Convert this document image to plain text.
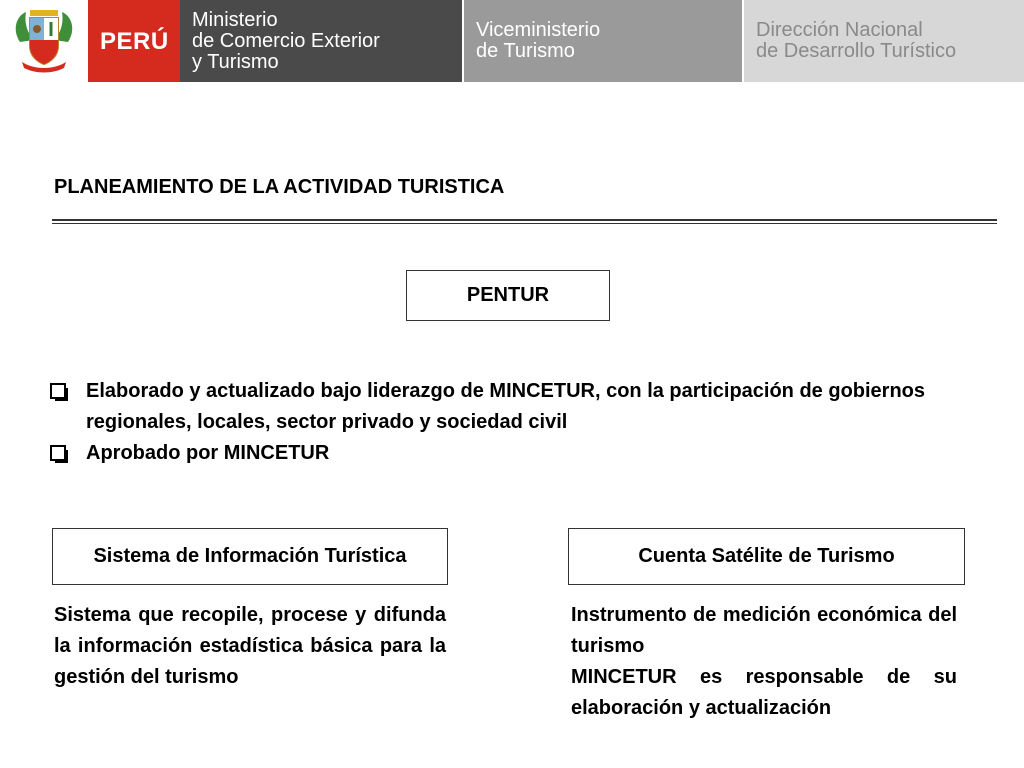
PERÚ
Ministerio
de Comercio Exterior
y Turismo
Viceministerio
de Turismo
Dirección Nacional
de Desarrollo Turístico
PLANEAMIENTO DE LA ACTIVIDAD TURISTICA
PENTUR
Elaborado y actualizado bajo liderazgo de MINCETUR, con la participación de gobiernos regionales, locales, sector privado y sociedad civil
Aprobado por MINCETUR
Sistema de Información Turística	Cuenta Satélite de Turismo
Sistema que recopile, procese y difunda la información estadística básica para la gestión del turismo
Instrumento de medición económica del turismo
MINCETUR es responsable de su elaboración y actualización
